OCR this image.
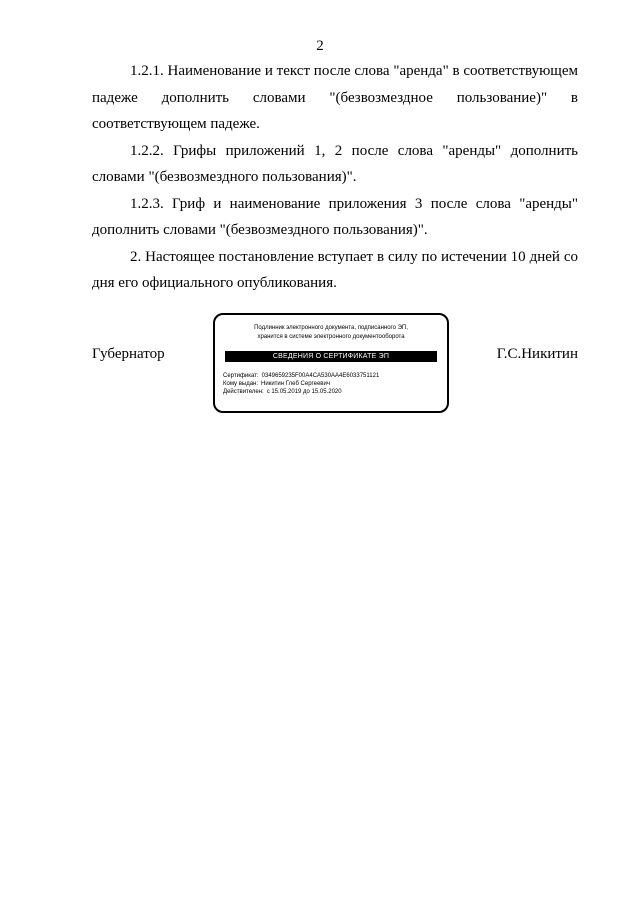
2

1.2.1. Наименование и текст после слова "аренда" в соответствующем падеже дополнить словами "(безвозмездное пользование)" в соответствующем падеже.

1.2.2. Грифы приложений 1, 2 после слова "аренды" дополнить словами "(безвозмездного пользования)".

1.2.3. Гриф и наименование приложения 3 после слова "аренды" дополнить словами "(безвозмездного пользования)".

2. Настоящее постановление вступает в силу по истечении 10 дней со дня его официального опубликования.

Губернатор
Подлинник электронного документа, подписанного ЭП,
хранится в системе электронного документооборота
СВЕДЕНИЯ О СЕРТИФИКАТЕ ЭП
Сертификат: 0349659235F00A4CA530AA4E6033751121
Кому выдан: Никитин Глеб Сергеевич
Действителен: с 15.05.2019 до 15.05.2020
Г.С.Никитин
